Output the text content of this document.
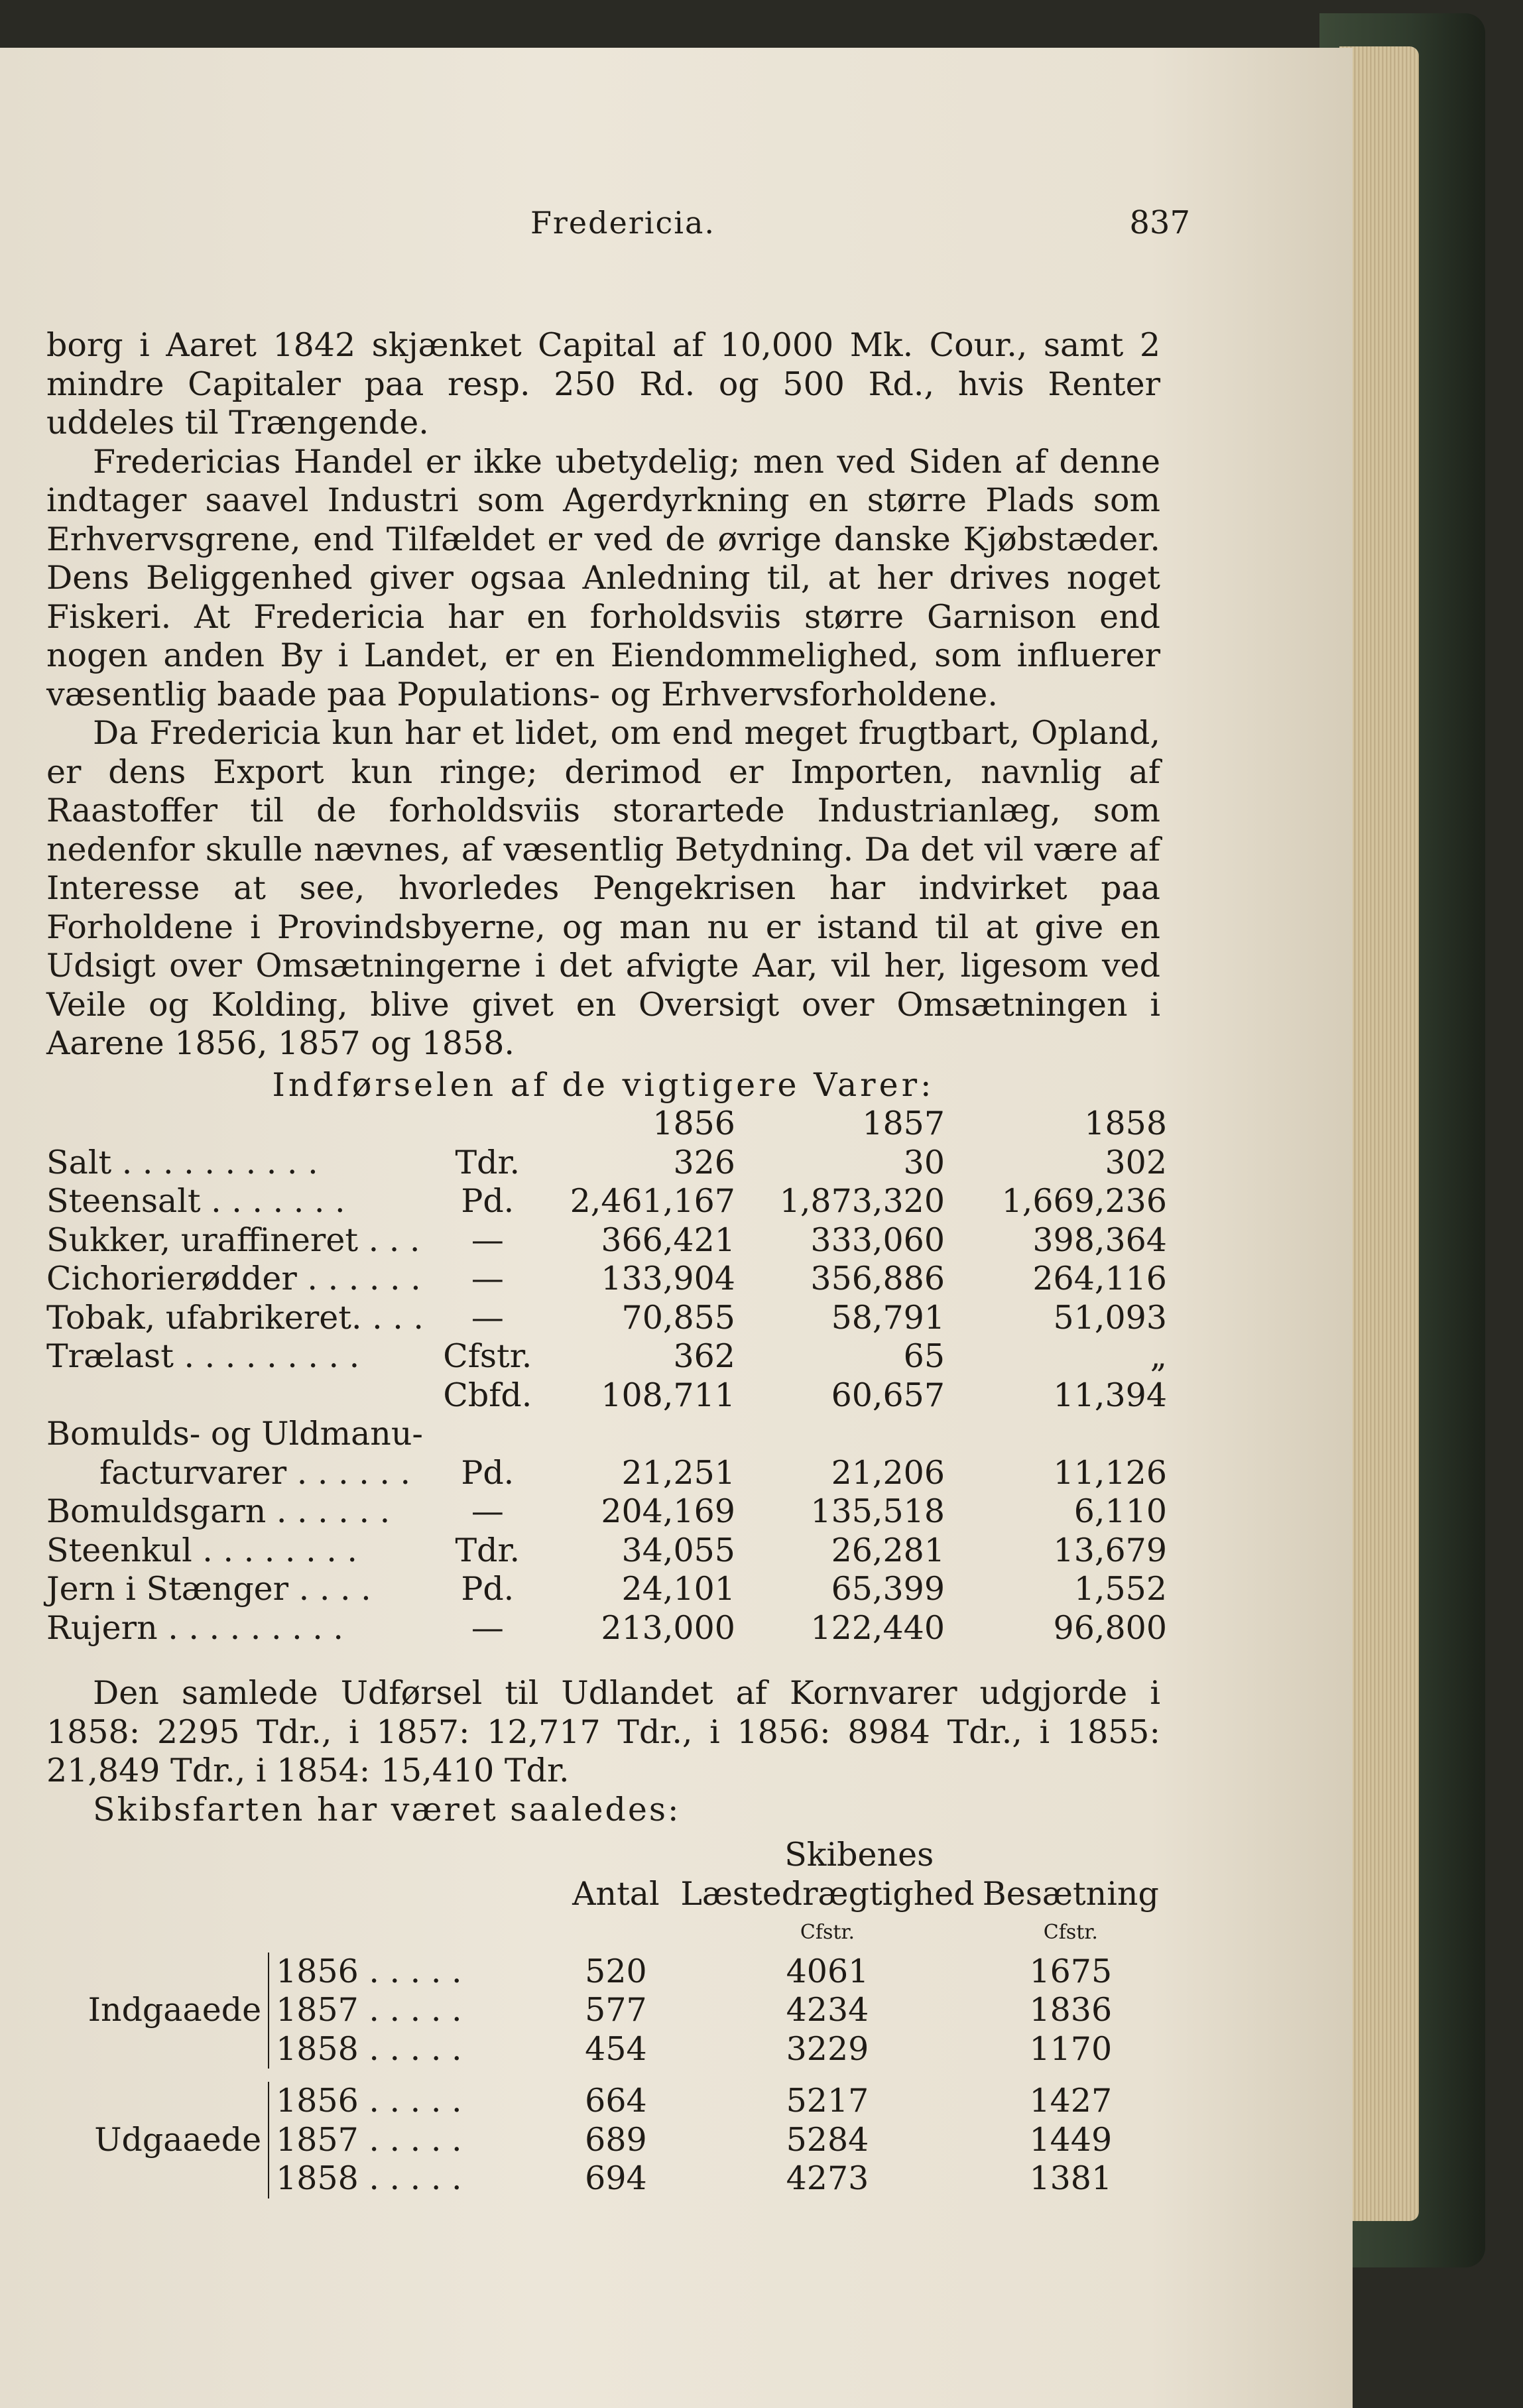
Fredericia.	837

borg i Aaret 1842 skjænket Capital af 10,000 Mk. Cour., samt 2 mindre Capitaler paa resp. 250 Rd. og 500 Rd., hvis Renter uddeles til Trængende.

Fredericias Handel er ikke ubetydelig; men ved Siden af denne indtager saavel Industri som Agerdyrkning en større Plads som Erhvervsgrene, end Tilfældet er ved de øvrige danske Kjøbstæder. Dens Beliggenhed giver ogsaa Anledning til, at her drives noget Fiskeri. At Fredericia har en forholdsviis større Garnison end nogen anden By i Landet, er en Eiendommelighed, som influerer væsentlig baade paa Populations- og Erhvervsforholdene.

Da Fredericia kun har et lidet, om end meget frugtbart, Opland, er dens Export kun ringe; derimod er Importen, navnlig af Raastoffer til de forholdsviis storartede Industrianlæg, som nedenfor skulle nævnes, af væsentlig Betydning. Da det vil være af Interesse at see, hvorledes Pengekrisen har indvirket paa Forholdene i Provindsbyerne, og man nu er istand til at give en Udsigt over Omsætningerne i det afvigte Aar, vil her, ligesom ved Veile og Kolding, blive givet en Oversigt over Omsætningen i Aarene 1856, 1857 og 1858.

Indførselen af de vigtigere Varer:

		1856	1857	1858
Salt . . . . . . . . . .	Tdr.	326	30	302
Steensalt . . . . . . .	Pd.	2,461,167	1,873,320	1,669,236
Sukker, uraffineret . . .	—	366,421	333,060	398,364
Cichorierødder . . . . . .	—	133,904	356,886	264,116
Tobak, ufabrikeret. . . .	—	70,855	58,791	51,093
Trælast . . . . . . . . .	Cfstr.	362	65	„
	Cbfd.	108,711	60,657	11,394
Bomulds- og Uldmanu-				
facturvarer . . . . . .	Pd.	21,251	21,206	11,126
Bomuldsgarn . . . . . .	—	204,169	135,518	6,110
Steenkul . . . . . . . .	Tdr.	34,055	26,281	13,679
Jern i Stænger . . . .	Pd.	24,101	65,399	1,552
Rujern . . . . . . . . .	—	213,000	122,440	96,800

Den samlede Udførsel til Udlandet af Kornvarer udgjorde i 1858: 2295 Tdr., i 1857: 12,717 Tdr., i 1856: 8984 Tdr., i 1855: 21,849 Tdr., i 1854: 15,410 Tdr.

Skibsfarten har været saaledes:

		Skibenes		
		Antal	Læstedrægtighed	Besætning
			Cfstr.	Cfstr.
	1856 . . . . .	520	4061	1675
Indgaaede	1857 . . . . .	577	4234	1836
	1858 . . . . .	454	3229	1170

	1856 . . . . .	664	5217	1427
Udgaaede	1857 . . . . .	689	5284	1449
	1858 . . . . .	694	4273	1381
